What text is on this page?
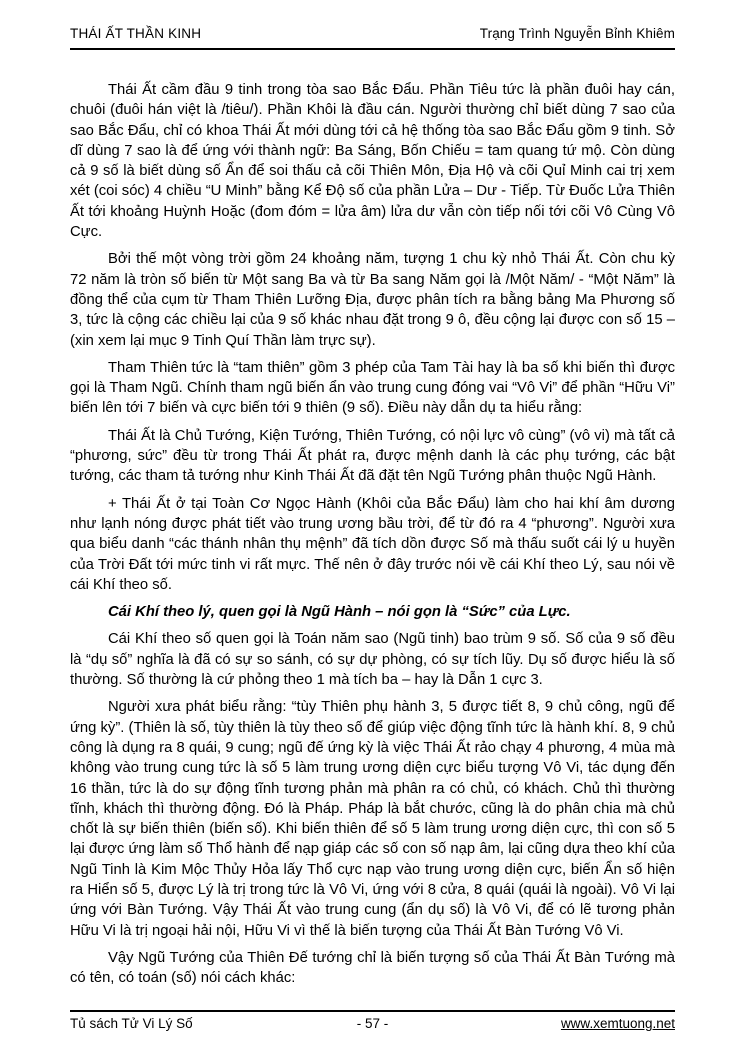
THÁI ẤT THẦN KINH	Trạng Trình Nguyễn Bỉnh Khiêm

Thái Ất cầm đầu 9 tinh trong tòa sao Bắc Đẩu. Phần Tiêu tức là phần đuôi hay cán, chuôi (đuôi hán việt là /tiêu/). Phần Khôi là đầu cán. Người thường chỉ biết dùng 7 sao của sao Bắc Đẩu, chỉ có khoa Thái Ất mới dùng tới cả hệ thống tòa sao Bắc Đẩu gồm 9 tinh. Sở dĩ dùng 7 sao là để ứng với thành ngữ: Ba Sáng, Bốn Chiếu = tam quang tứ mộ. Còn dùng cả 9 số là biết dùng số Ẩn để soi thấu cả cõi Thiên Môn, Địa Hộ và cõi Quỉ Minh cai trị xem xét (coi sóc) 4 chiều “U Minh” bằng Kể Độ số của phần Lửa – Dư - Tiếp. Từ Đuốc Lửa Thiên Ất tới khoảng Huỳnh Hoặc (đom đóm = lửa âm) lửa dư vẫn còn tiếp nối tới cõi Vô Cùng Vô Cực.

Bởi thế một vòng trời gồm 24 khoảng năm, tượng 1 chu kỳ nhỏ Thái Ất. Còn chu kỳ 72 năm là tròn số biến từ Một sang Ba và từ Ba sang Năm gọi là /Một Năm/ - “Một Năm” là đồng thể của cụm từ Tham Thiên Lưỡng Địa, được phân tích ra bằng bảng Ma Phương số 3, tức là cộng các chiều lại của 9 số khác nhau đặt trong 9 ô, đều cộng lại được con số 15 – (xin xem lại mục 9 Tinh Quí Thần làm trực sự).

Tham Thiên tức là “tam thiên” gồm 3 phép của Tam Tài hay là ba số khi biến thì được gọi là Tham Ngũ. Chính tham ngũ biến ẩn vào trung cung đóng vai “Vô Vi” để phần “Hữu Vi” biến lên tới 7 biến và cực biến tới 9 thiên (9 số). Điều này dẫn dụ ta hiểu rằng:

Thái Ất là Chủ Tướng, Kiện Tướng, Thiên Tướng, có nội lực vô cùng” (vô vi) mà tất cả “phương, sức” đều từ trong Thái Ất phát ra, được mệnh danh là các phụ tướng, các bật tướng, các tham tả tướng như Kinh Thái Ất đã đặt tên Ngũ Tướng phân thuộc Ngũ Hành.

+ Thái Ất ở tại Toàn Cơ Ngọc Hành (Khôi của Bắc Đẩu) làm cho hai khí âm dương như lạnh nóng được phát tiết vào trung ương bầu trời, để từ đó ra 4 “phương”. Người xưa qua biểu danh “các thánh nhân thụ mệnh” đã tích dồn được Số mà thấu suốt cái lý u huyền của Trời Đất tới mức tinh vi rất mực. Thế nên ở đây trước nói về cái Khí theo Lý, sau nói về cái Khí theo số.

Cái Khí theo lý, quen gọi là Ngũ Hành – nói gọn là “Sức” của Lực.

Cái Khí theo số quen gọi là Toán năm sao (Ngũ tinh) bao trùm 9 số. Số của 9 số đều là “dụ số” nghĩa là đã có sự so sánh, có sự dự phòng, có sự tích lũy. Dụ số được hiểu là số thường. Số thường là cứ phỏng theo 1 mà tích ba – hay là Dẫn 1 cực 3.

Người xưa phát biểu rằng: “tùy Thiên phụ hành 3, 5 được tiết 8, 9 chủ công, ngũ để ứng kỳ”. (Thiên là số, tùy thiên là tùy theo số để giúp việc động tĩnh tức là hành khí. 8, 9 chủ công là dụng ra 8 quái, 9 cung; ngũ đế ứng kỳ là việc Thái Ất rảo chạy 4 phương, 4 mùa mà không vào trung cung tức là số 5 làm trung ương diện cực biểu tượng Vô Vi, tác dụng đến 16 thần, tức là do sự động tĩnh tương phản mà phân ra có chủ, có khách. Chủ thì thường tĩnh, khách thì thường động. Đó là Pháp. Pháp là bắt chước, cũng là do phân chia mà chủ chốt là sự biến thiên (biến số). Khi biến thiên để số 5 làm trung ương diện cực, thì con số 5 lại được ứng làm số Thổ hành để nạp giáp các số con số nạp âm, lại cũng dựa theo khí của Ngũ Tinh là Kim Mộc Thủy Hỏa lấy Thổ cực nạp vào trung ương diện cực, biến Ẩn số hiện ra Hiển số 5, được Lý là trị trong tức là Vô Vi, ứng với 8 cửa, 8 quái (quái là ngoài). Vô Vi lại ứng với Bàn Tướng. Vậy Thái Ất vào trung cung (ẩn dụ số) là Vô Vi, để có lẽ tương phản Hữu Vi là trị ngoại hải nội, Hữu Vi vì thế là biến tượng của Thái Ất Bàn Tướng Vô Vi.

Vậy Ngũ Tướng của Thiên Đế tướng chỉ là biến tượng số của Thái Ất Bàn Tướng mà có tên, có toán (số) nói cách khác:

Tủ sách Tử Vi Lý Số	- 57 -	www.xemtuong.net
